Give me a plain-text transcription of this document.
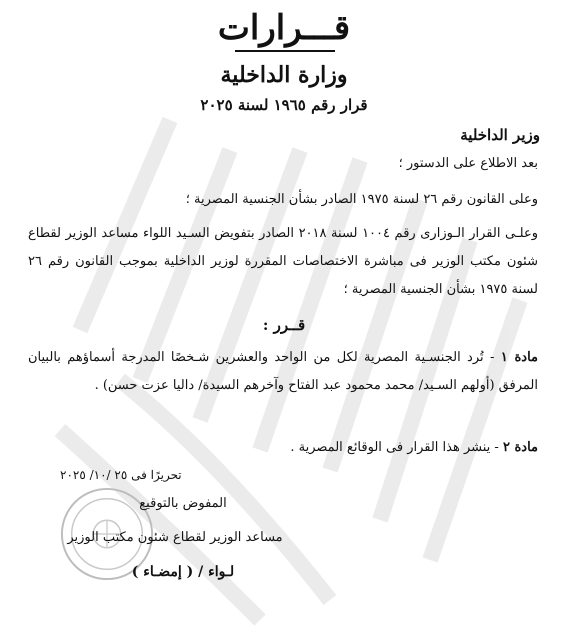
قـــرارات
وزارة الداخلية
قرار رقم ١٩٦٥ لسنة ٢٠٢٥
وزير الداخلية
بعد الاطلاع على الدستور ؛
وعلى القانون رقم ٢٦ لسنة ١٩٧٥ الصادر بشأن الجنسية المصرية ؛
وعلـى القرار الـوزارى رقم ١٠٠٤ لسنة ٢٠١٨ الصادر بتفويض السـيد اللواء مساعد الوزير لقطاع شئون مكتب الوزير فى مباشرة الاختصاصات المقررة لوزير الداخلية بموجب القانون رقم ٢٦ لسنة ١٩٧٥ بشأن الجنسية المصرية ؛
قــرر :
مادة ١ - تُرد الجنسـية المصرية لكل من الواحد والعشرين شـخصًا المدرجة أسماؤهم بالبيان المرفق (أولهم السـيد/ محمد محمود عبد الفتاح وآخرهم السيدة/ داليا عزت حسن) .
مادة ٢ - ينشر هذا القرار فى الوقائع المصرية .
تحريرًا فى ٢٥ /١٠/ ٢٠٢٥
المفوض بالتوقيع
مساعد الوزير لقطاع شئون مكتب الوزير
لـواء / ( إمضـاء )
